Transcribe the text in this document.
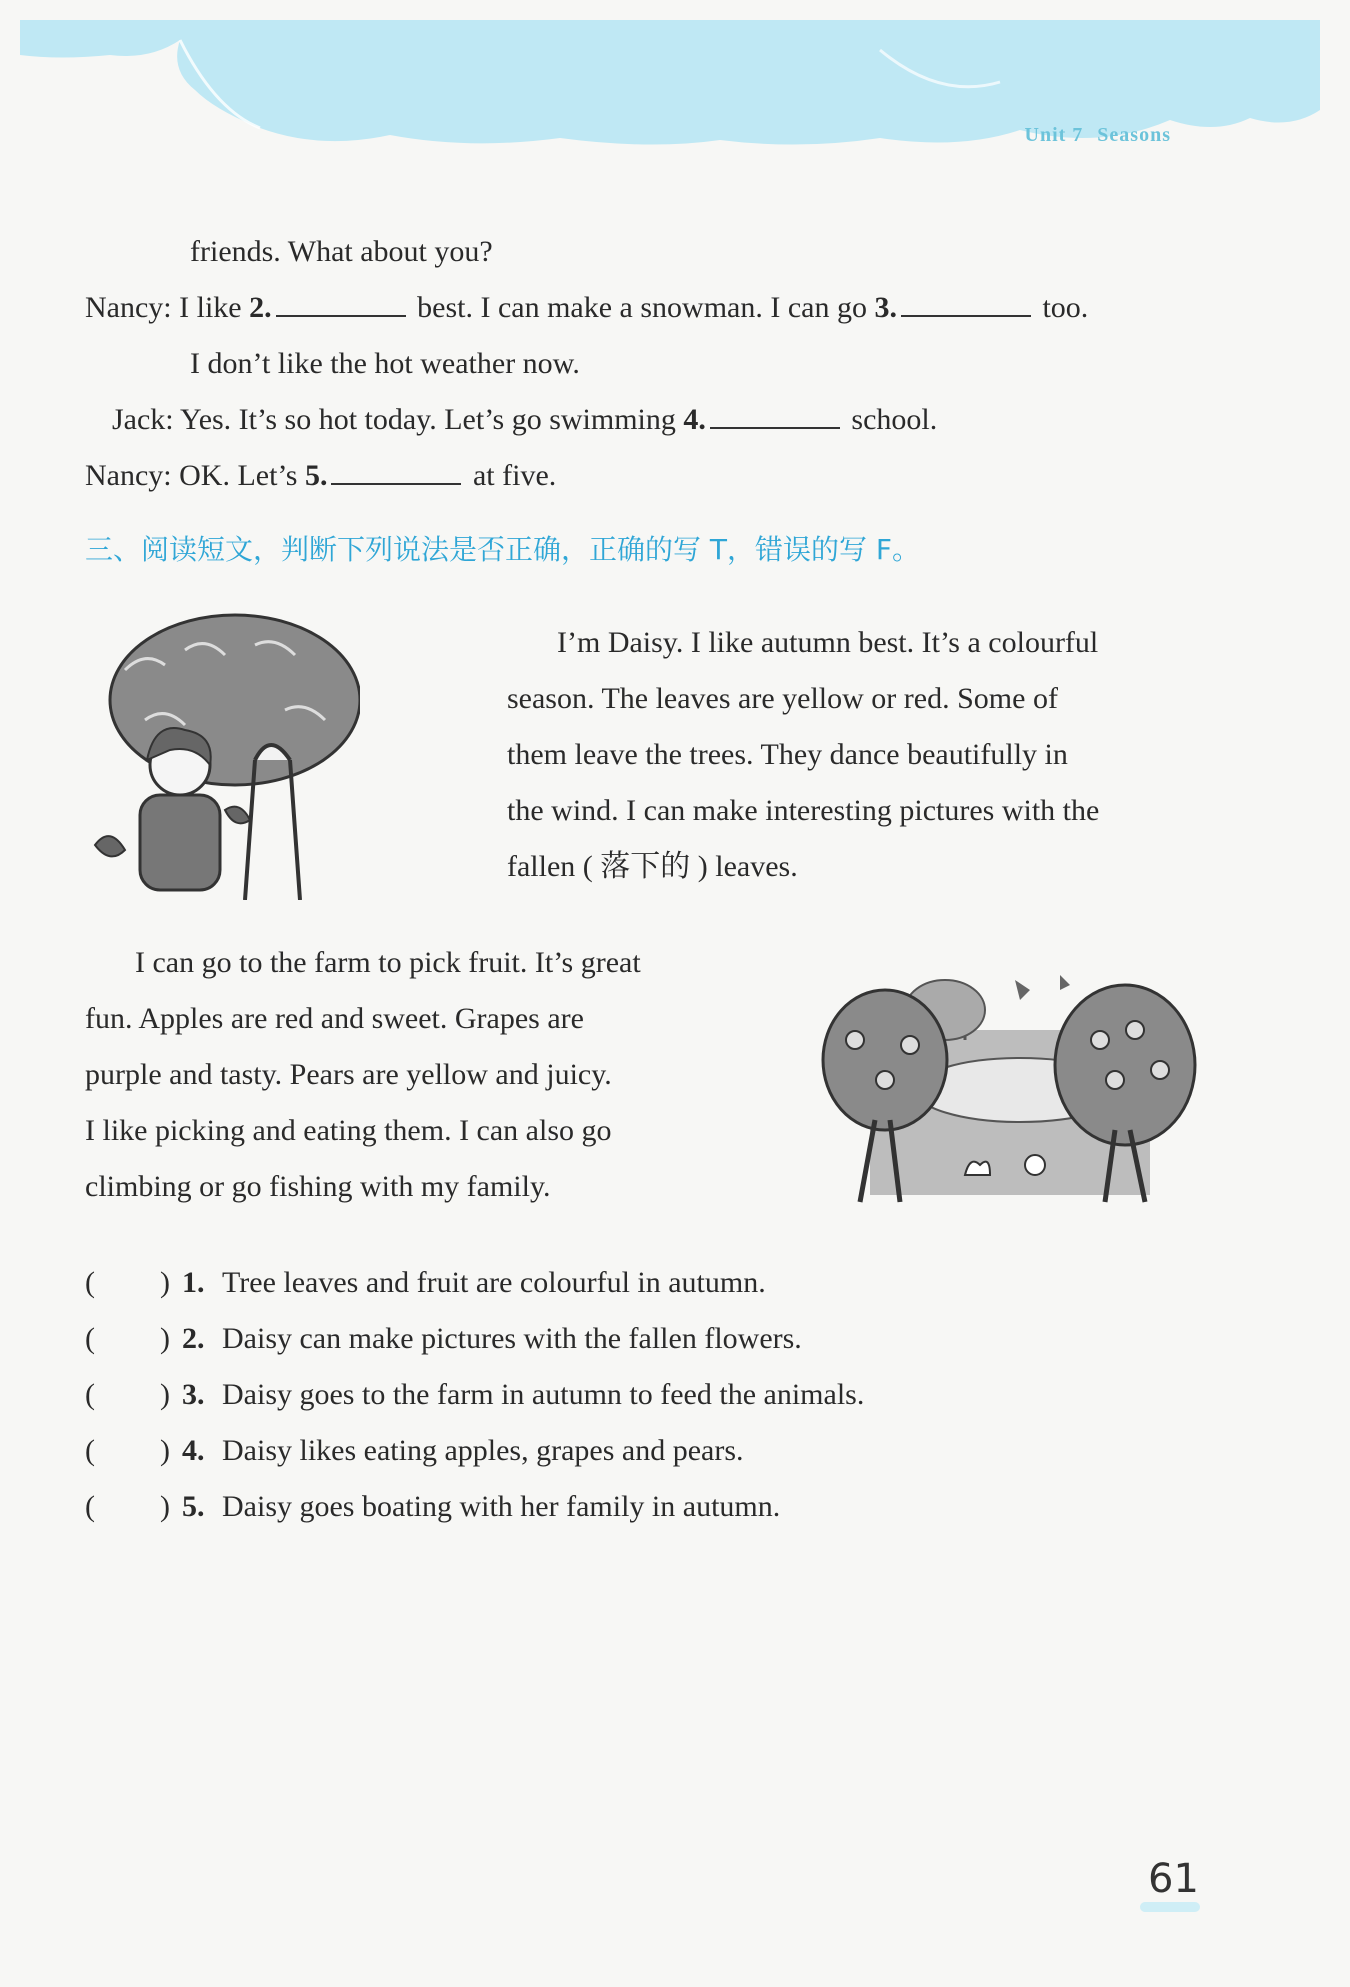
Unit 7 Seasons
friends. What about you?
Nancy: I like 2.	best. I can make a snowman. I can go 3.	too.
I don’t like the hot weather now.
Jack: Yes. It’s so hot today. Let’s go swimming 4.	school.
Nancy: OK. Let’s 5.	at five.
三、阅读短文，判断下列说法是否正确，正确的写 T，错误的写 F。

I’m Daisy. I like autumn best. It’s a colourful

season. The leaves are yellow or red. Some of

them leave the trees. They dance beautifully in

the wind. I can make interesting pictures with the

fallen ( 落下的 ) leaves.

I can go to the farm to pick fruit. It’s great

fun. Apples are red and sweet. Grapes are

purple and tasty. Pears are yellow and juicy.

I like picking and eating them. I can also go

climbing or go fishing with my family.

( ) 1. Tree leaves and fruit are colourful in autumn.
( ) 2. Daisy can make pictures with the fallen flowers.
( ) 3. Daisy goes to the farm in autumn to feed the animals.
( ) 4. Daisy likes eating apples, grapes and pears.
( ) 5. Daisy goes boating with her family in autumn.
61
